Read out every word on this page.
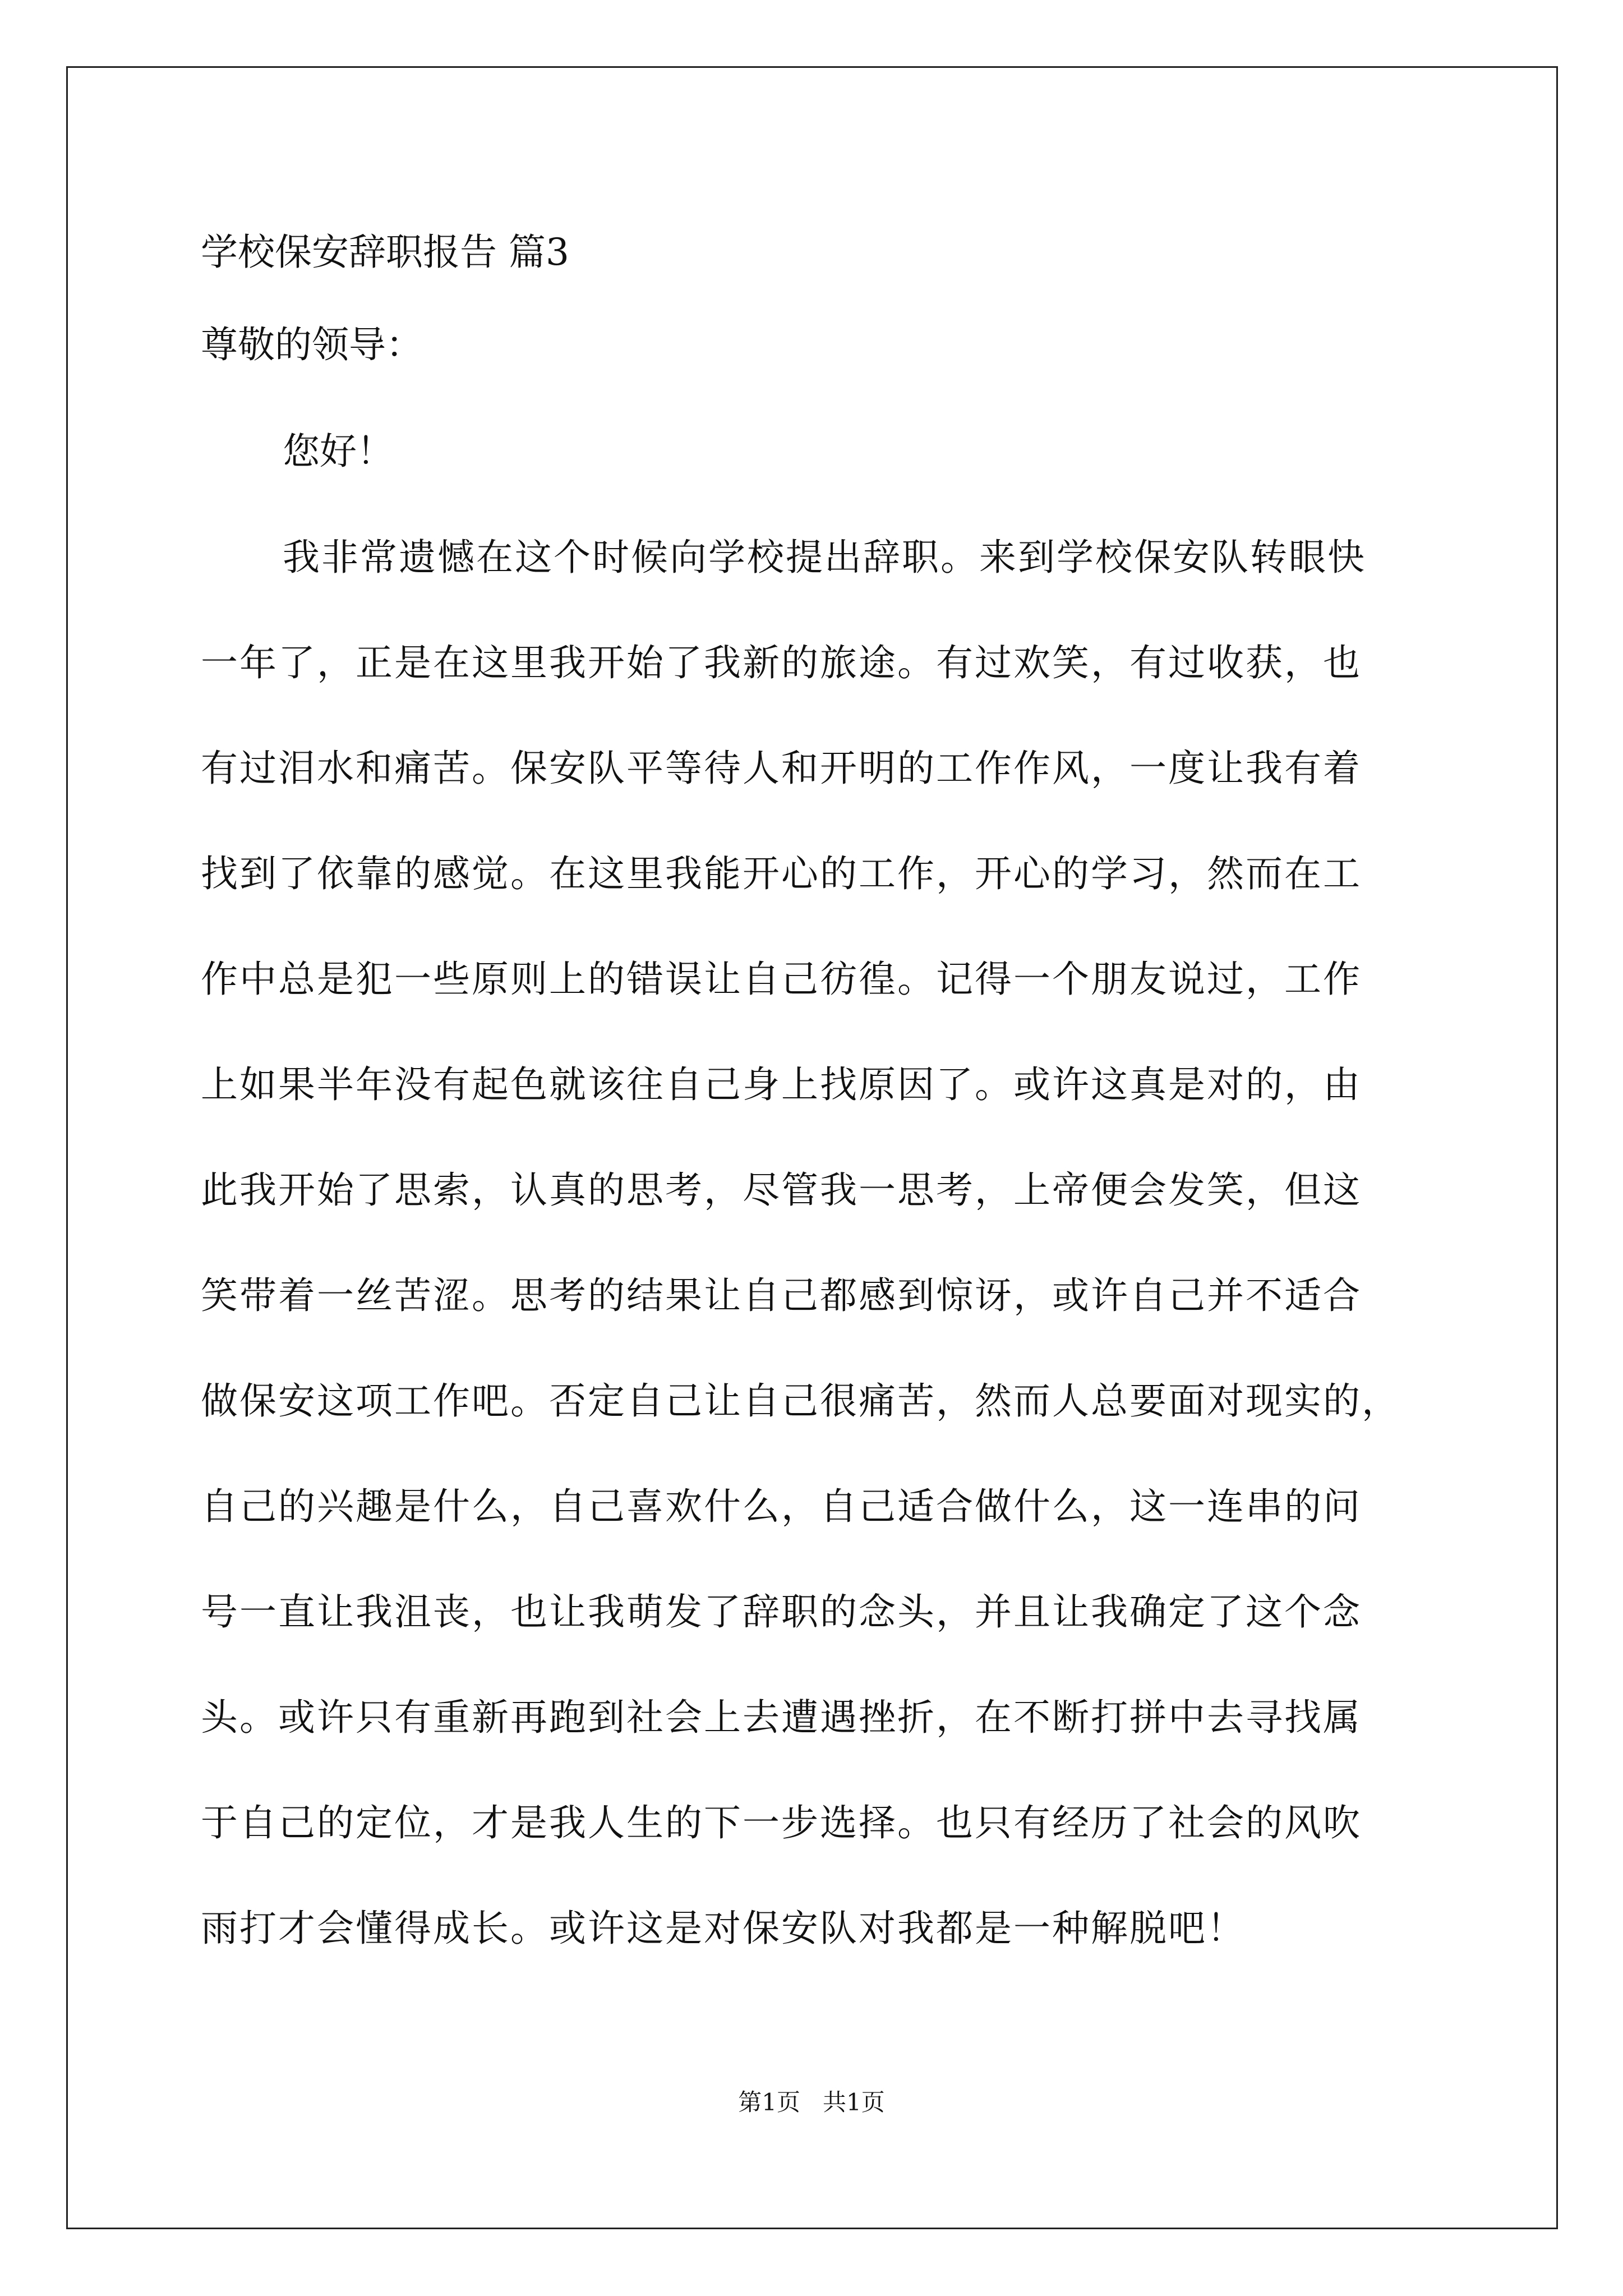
学校保安辞职报告 篇3

尊敬的领导：

您好！

我非常遗憾在这个时候向学校提出辞职。来到学校保安队转眼快
一年了，正是在这里我开始了我新的旅途。有过欢笑，有过收获，也
有过泪水和痛苦。保安队平等待人和开明的工作作风，一度让我有着
找到了依靠的感觉。在这里我能开心的工作，开心的学习，然而在工
作中总是犯一些原则上的错误让自己彷徨。记得一个朋友说过，工作
上如果半年没有起色就该往自己身上找原因了。或许这真是对的，由
此我开始了思索，认真的思考，尽管我一思考，上帝便会发笑，但这
笑带着一丝苦涩。思考的结果让自己都感到惊讶，或许自己并不适合
做保安这项工作吧。否定自己让自己很痛苦，然而人总要面对现实的，
自己的兴趣是什么，自己喜欢什么，自己适合做什么，这一连串的问
号一直让我沮丧，也让我萌发了辞职的念头，并且让我确定了这个念
头。或许只有重新再跑到社会上去遭遇挫折，在不断打拼中去寻找属
于自己的定位，才是我人生的下一步选择。也只有经历了社会的风吹
雨打才会懂得成长。或许这是对保安队对我都是一种解脱吧！
第1页   共1页
